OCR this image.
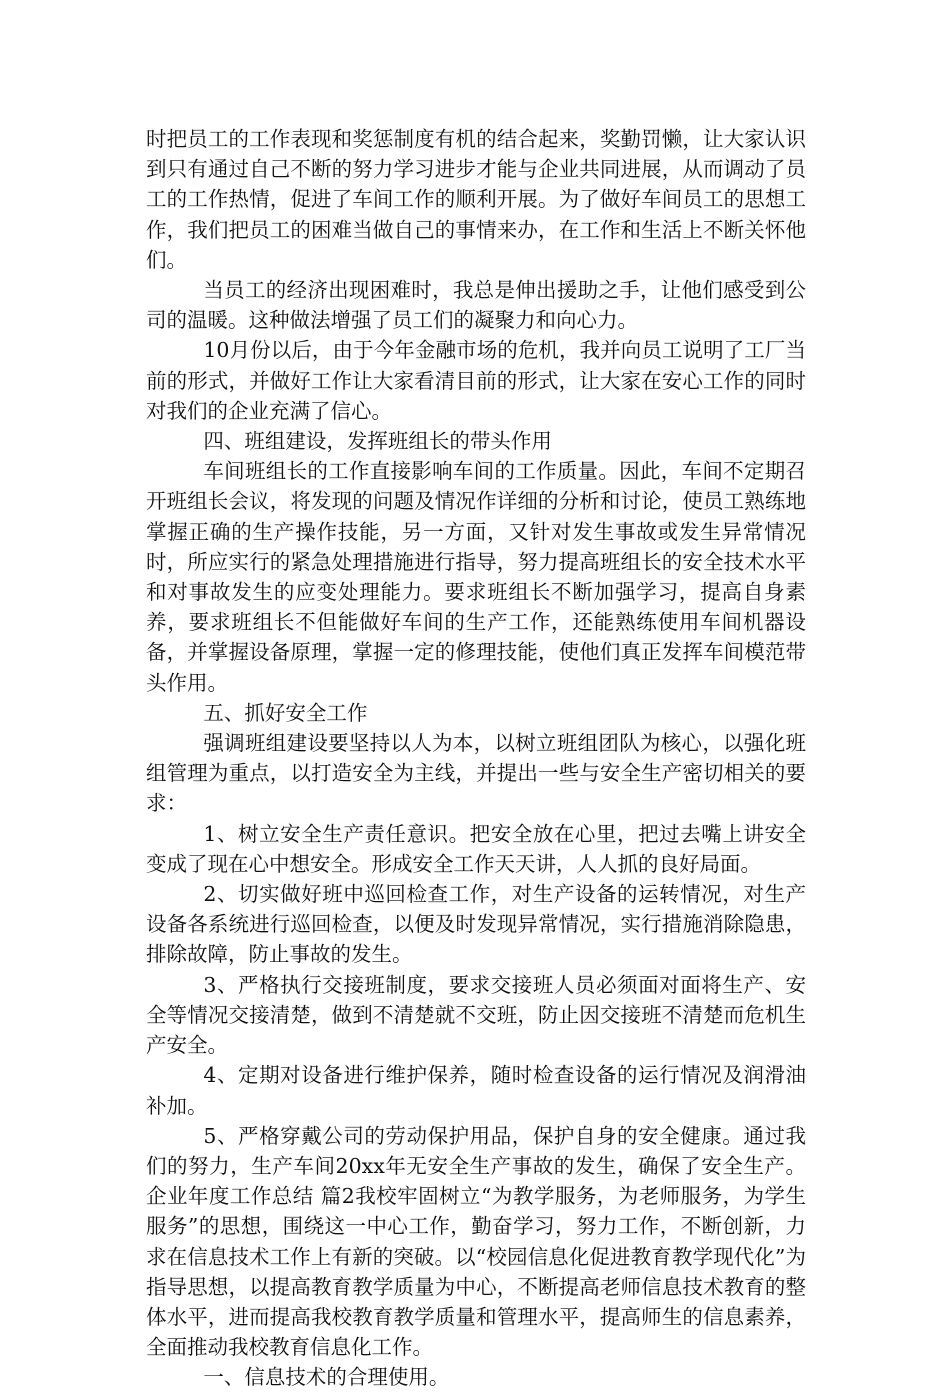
时把员工的工作表现和奖惩制度有机的结合起来，奖勤罚懒，让大家认识到只有通过自己不断的努力学习进步才能与企业共同进展，从而调动了员工的工作热情，促进了车间工作的顺利开展。为了做好车间员工的思想工作，我们把员工的困难当做自己的事情来办，在工作和生活上不断关怀他们。

当员工的经济出现困难时，我总是伸出援助之手，让他们感受到公司的温暖。这种做法增强了员工们的凝聚力和向心力。

10月份以后，由于今年金融市场的危机，我并向员工说明了工厂当前的形式，并做好工作让大家看清目前的形式，让大家在安心工作的同时对我们的企业充满了信心。

四、班组建设，发挥班组长的带头作用

车间班组长的工作直接影响车间的工作质量。因此，车间不定期召开班组长会议，将发现的问题及情况作详细的分析和讨论，使员工熟练地掌握正确的生产操作技能，另一方面，又针对发生事故或发生异常情况时，所应实行的紧急处理措施进行指导，努力提高班组长的安全技术水平和对事故发生的应变处理能力。要求班组长不断加强学习，提高自身素养，要求班组长不但能做好车间的生产工作，还能熟练使用车间机器设备，并掌握设备原理，掌握一定的修理技能，使他们真正发挥车间模范带头作用。

五、抓好安全工作

强调班组建设要坚持以人为本，以树立班组团队为核心，以强化班组管理为重点，以打造安全为主线，并提出一些与安全生产密切相关的要求：

1、树立安全生产责任意识。把安全放在心里，把过去嘴上讲安全变成了现在心中想安全。形成安全工作天天讲，人人抓的良好局面。

2、切实做好班中巡回检查工作，对生产设备的运转情况，对生产设备各系统进行巡回检查，以便及时发现异常情况，实行措施消除隐患，排除故障，防止事故的发生。

3、严格执行交接班制度，要求交接班人员必须面对面将生产、安全等情况交接清楚，做到不清楚就不交班，防止因交接班不清楚而危机生产安全。

4、定期对设备进行维护保养，随时检查设备的运行情况及润滑油补加。

5、严格穿戴公司的劳动保护用品，保护自身的安全健康。通过我们的努力，生产车间20xx年无安全生产事故的发生，确保了安全生产。企业年度工作总结 篇2我校牢固树立“为教学服务，为老师服务，为学生服务”的思想，围绕这一中心工作，勤奋学习，努力工作，不断创新，力求在信息技术工作上有新的突破。以“校园信息化促进教育教学现代化”为指导思想，以提高教育教学质量为中心，不断提高老师信息技术教育的整体水平，进而提高我校教育教学质量和管理水平，提高师生的信息素养，全面推动我校教育信息化工作。

一、信息技术的合理使用。
